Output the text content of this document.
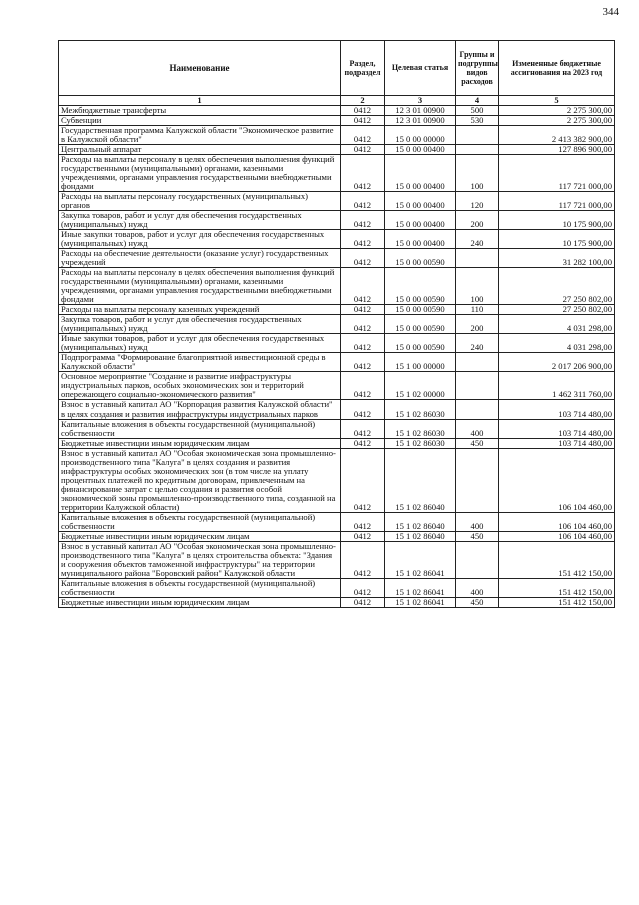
344
Наименование	Раздел, подраздел	Целевая статья	Группы и подгруппы видов расходов	Измененные бюджетные ассигнования на 2023 год
1	2	3	4	5
Межбюджетные трансферты	0412	12 3 01 00900	500	2 275 300,00
Субвенции	0412	12 3 01 00900	530	2 275 300,00
Государственная программа Калужской области "Экономическое развитие в Калужской области"	0412	15 0 00 00000		2 413 382 900,00
Центральный аппарат	0412	15 0 00 00400		127 896 900,00
Расходы на выплаты персоналу в целях обеспечения выполнения функций государственными (муниципальными) органами, казенными учреждениями, органами управления государственными внебюджетными фондами	0412	15 0 00 00400	100	117 721 000,00
Расходы на выплаты персоналу государственных (муниципальных) органов	0412	15 0 00 00400	120	117 721 000,00
Закупка товаров, работ и услуг для обеспечения государственных (муниципальных) нужд	0412	15 0 00 00400	200	10 175 900,00
Иные закупки товаров, работ и услуг для обеспечения государственных (муниципальных) нужд	0412	15 0 00 00400	240	10 175 900,00
Расходы на обеспечение деятельности (оказание услуг) государственных учреждений	0412	15 0 00 00590		31 282 100,00
Расходы на выплаты персоналу в целях обеспечения выполнения функций государственными (муниципальными) органами, казенными учреждениями, органами управления государственными внебюджетными фондами	0412	15 0 00 00590	100	27 250 802,00
Расходы на выплаты персоналу казенных учреждений	0412	15 0 00 00590	110	27 250 802,00
Закупка товаров, работ и услуг для обеспечения государственных (муниципальных) нужд	0412	15 0 00 00590	200	4 031 298,00
Иные закупки товаров, работ и услуг для обеспечения государственных (муниципальных) нужд	0412	15 0 00 00590	240	4 031 298,00
Подпрограмма "Формирование благоприятной инвестиционной среды в Калужской области"	0412	15 1 00 00000		2 017 206 900,00
Основное мероприятие "Создание и развитие инфраструктуры индустриальных парков, особых экономических зон и территорий опережающего социально-экономического развития"	0412	15 1 02 00000		1 462 311 760,00
Взнос в уставный капитал АО "Корпорация развития Калужской области" в целях создания и развития инфраструктуры индустриальных парков	0412	15 1 02 86030		103 714 480,00
Капитальные вложения в объекты государственной (муниципальной) собственности	0412	15 1 02 86030	400	103 714 480,00
Бюджетные инвестиции иным юридическим лицам	0412	15 1 02 86030	450	103 714 480,00
Взнос в уставный капитал АО "Особая экономическая зона промышленно-производственного типа "Калуга" в целях создания и развития инфраструктуры особых экономических зон (в том числе на уплату процентных платежей по кредитным договорам, привлеченным на финансирование затрат с целью создания и развития особой экономической зоны промышленно-производственного типа, созданной на территории Калужской области)	0412	15 1 02 86040		106 104 460,00
Капитальные вложения в объекты государственной (муниципальной) собственности	0412	15 1 02 86040	400	106 104 460,00
Бюджетные инвестиции иным юридическим лицам	0412	15 1 02 86040	450	106 104 460,00
Взнос в уставный капитал АО "Особая экономическая зона промышленно-производственного типа "Калуга" в целях строительства объекта: "Здания и сооружения объектов таможенной инфраструктуры" на территории муниципального района "Боровский район" Калужской области	0412	15 1 02 86041		151 412 150,00
Капитальные вложения в объекты государственной (муниципальной) собственности	0412	15 1 02 86041	400	151 412 150,00
Бюджетные инвестиции иным юридическим лицам	0412	15 1 02 86041	450	151 412 150,00
